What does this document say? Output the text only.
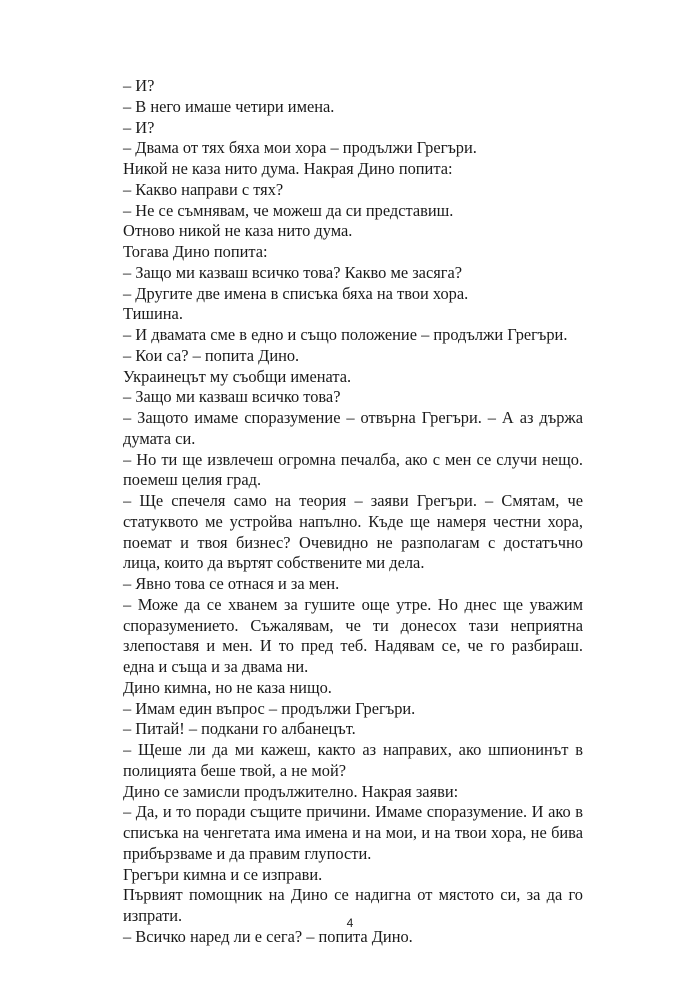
– И?
– В него имаше четири имена.
– И?
– Двама от тях бяха мои хора – продължи Грегъри.
Никой не каза нито дума. Накрая Дино попита:
– Какво направи с тях?
– Не се съмнявам, че можеш да си представиш.
Отново никой не каза нито дума.
Тогава Дино попита:
– Защо ми казваш всичко това? Какво ме засяга?
– Другите две имена в списъка бяха на твои хора.
Тишина.
– И двамата сме в едно и също положение – продължи Грегъри.
– Кои са? – попита Дино.
Украинецът му съобщи имената.
– Защо ми казваш всичко това?
– Защото имаме споразумение – отвърна Грегъри. – А аз държа
думата си.
– Но ти ще извлечеш огромна печалба, ако с мен се случи нещо.
поемеш целия град.
– Ще спечеля само на теория – заяви Грегъри. – Смятам, че
статуквото ме устройва напълно. Къде ще намеря честни хора,
поемат и твоя бизнес? Очевидно не разполагам с достатъчно
лица, които да въртят собствените ми дела.
– Явно това се отнася и за мен.
– Може да се хванем за гушите още утре. Но днес ще уважим
споразумението. Съжалявам, че ти донесох тази неприятна
злепоставя и мен. И то пред теб. Надявам се, че го разбираш.
една и съща и за двама ни.
Дино кимна, но не каза нищо.
– Имам един въпрос – продължи Грегъри.
– Питай! – подкани го албанецът.
– Щеше ли да ми кажеш, както аз направих, ако шпионинът в
полицията беше твой, а не мой?
Дино се замисли продължително. Накрая заяви:
– Да, и то поради същите причини. Имаме споразумение. И ако в
списъка на ченгетата има имена и на мои, и на твои хора, не бива
прибързваме и да правим глупости.
Грегъри кимна и се изправи.
Първият помощник на Дино се надигна от мястото си, за да го
изпрати.
– Всичко наред ли е сега? – попита Дино.
4
